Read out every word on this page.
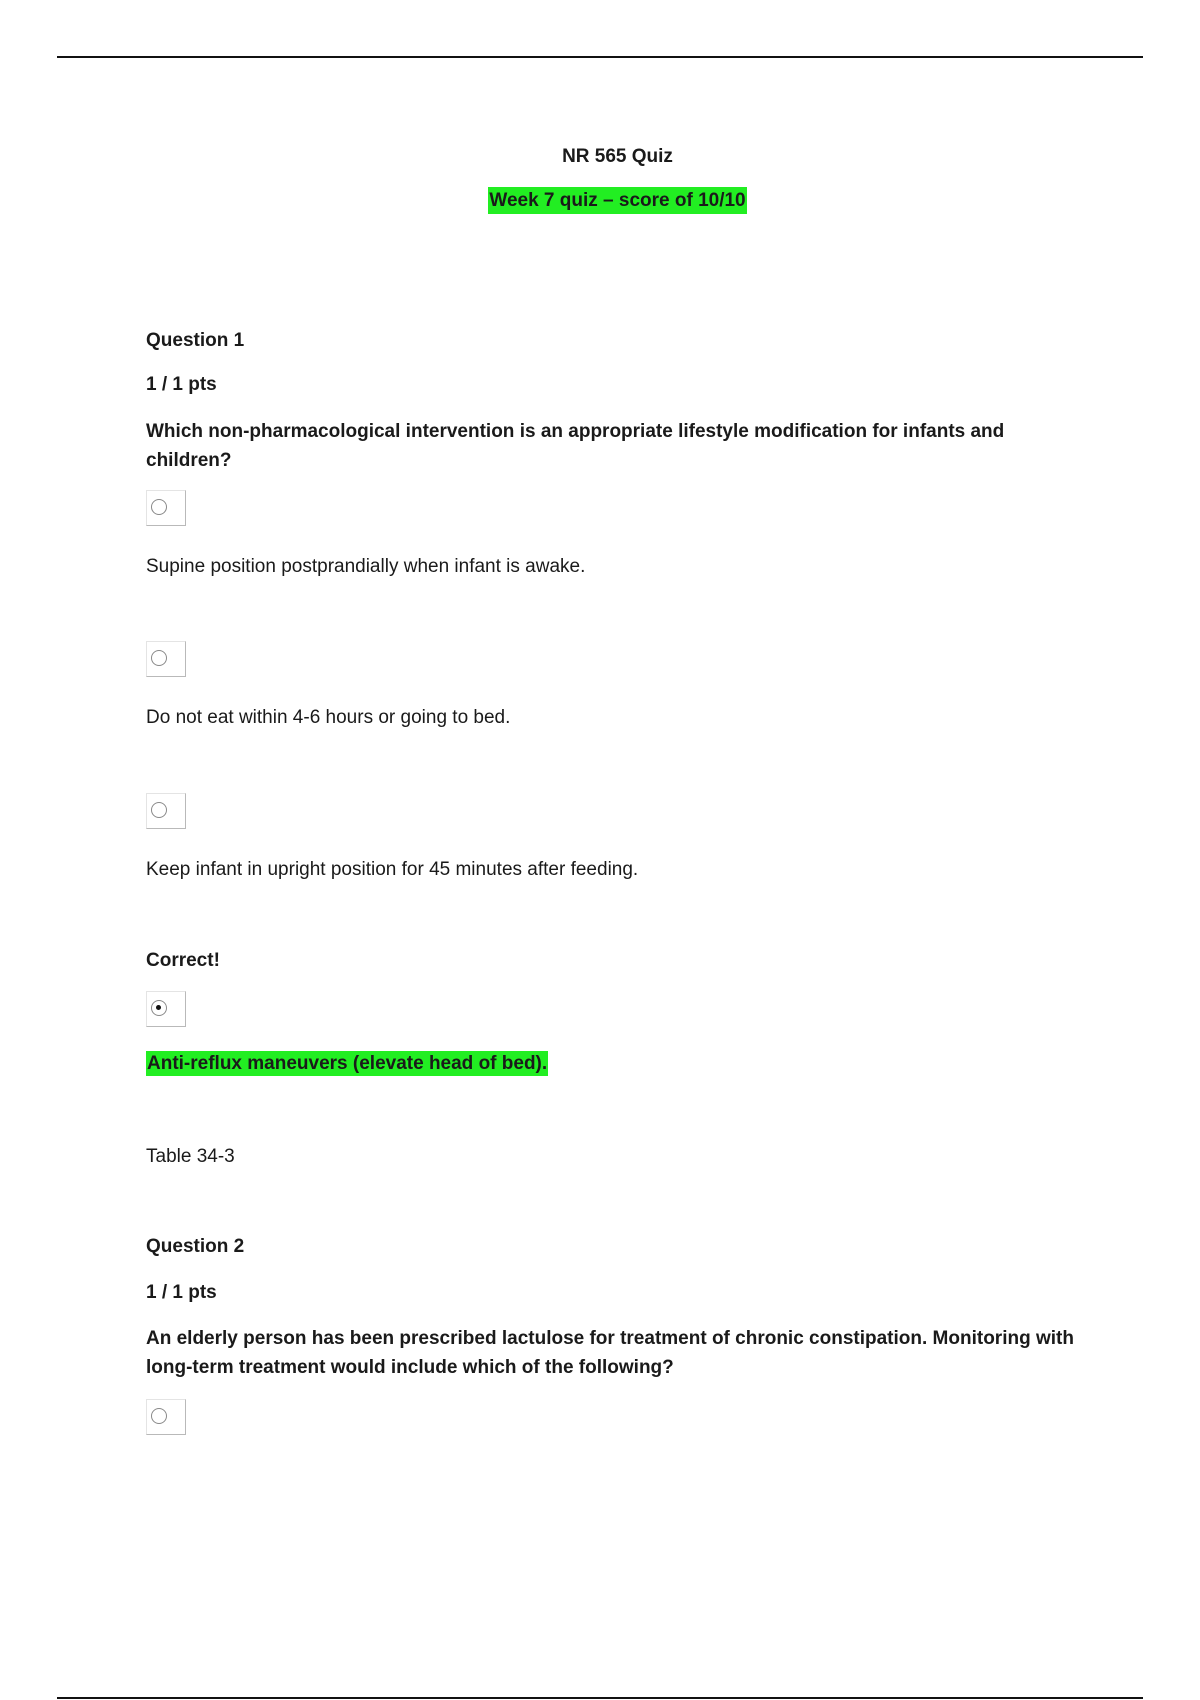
NR 565 Quiz
Week 7 quiz – score of 10/10
Question 1
1 / 1 pts
Which non-pharmacological intervention is an appropriate lifestyle modification for infants and children?
Supine position postprandially when infant is awake.
Do not eat within 4-6 hours or going to bed.
Keep infant in upright position for 45 minutes after feeding.
Correct!
Anti-reflux maneuvers (elevate head of bed).
Table 34-3
Question 2
1 / 1 pts
An elderly person has been prescribed lactulose for treatment of chronic constipation. Monitoring with long-term treatment would include which of the following?
